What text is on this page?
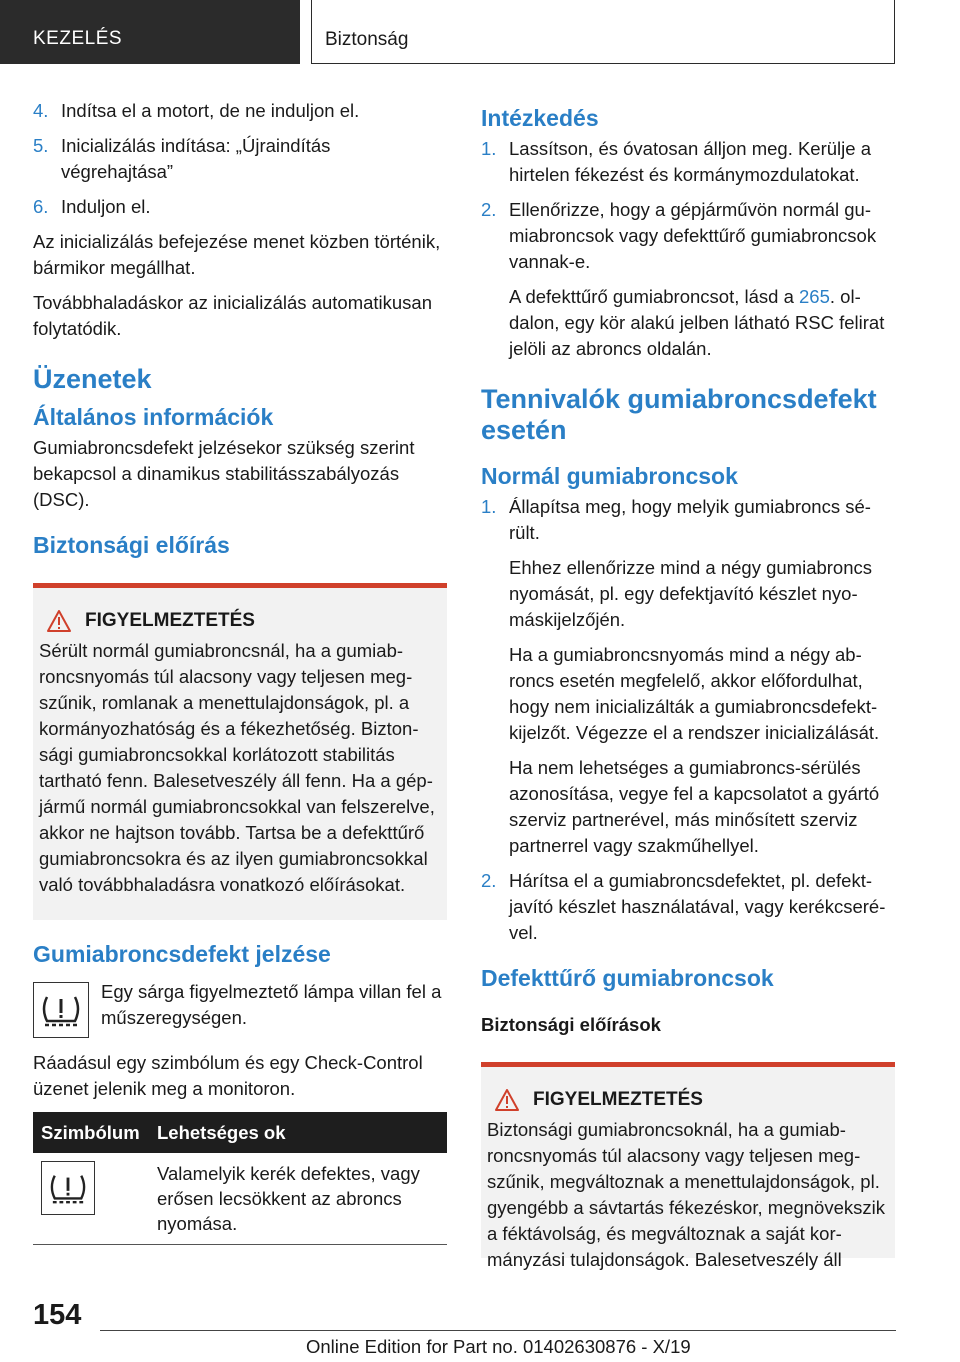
KEZELÉS	Biztonság
4. Indítsa el a motort, de ne induljon el.
5. Inicializálás indítása: „Újraindítás végrehajtása”
6. Induljon el.

Az inicializálás befejezése menet közben történik, bármikor megállhat.

Továbbhaladáskor az inicializálás automatikusan folytatódik.

Üzenetek
Általános információk

Gumiabroncsdefekt jelzésekor szükség szerint bekapcsol a dinamikus stabilitásszabályozás (DSC).

Biztonsági előírás
FIGYELMEZTETÉS
Sérült normál gumiabroncsnál, ha a gumiabroncsnyomás túl alacsony vagy teljesen megszűnik, romlanak a menettulajdonságok, pl. a kormányozhatóság és a fékezhetőség. Biztonsági gumiabroncsokkal korlátozott stabilitás tartható fenn. Balesetveszély áll fenn. Ha a gépjármű normál gumiabroncsokkal van felszerelve, akkor ne hajtson tovább. Tartsa be a defekttűrő gumiabroncsokra és az ilyen gumiabroncsokkal való továbbhaladásra vonatkozó előírásokat.
Gumiabroncsdefekt jelzése
Egy sárga figyelmeztető lámpa villan fel a műszeregységen.

Ráadásul egy szimbólum és egy Check-Control üzenet jelenik meg a monitoron.

Szimbólum	Lehetséges ok

	Valamelyik kerék defektes, vagy erősen lecsökkent az abroncs nyomása.
Intézkedés
1. Lassítson, és óvatosan álljon meg. Kerülje a hirtelen fékezést és kormánymozdulatokat.
2. Ellenőrizze, hogy a gépjárművön normál gumiabroncsok vagy defekttűrő gumiabroncsok vannak-e.
A defekttűrő gumiabroncsot, lásd a 265. oldalon, egy kör alakú jelben látható RSC felirat jelöli az abroncs oldalán.
Tennivalók gumiabroncsdefekt esetén
Normál gumiabroncsok
1. Állapítsa meg, hogy melyik gumiabroncs sérült.
Ehhez ellenőrizze mind a négy gumiabroncs nyomását, pl. egy defektjavító készlet nyomáskijelzőjén.
Ha a gumiabroncsnyomás mind a négy abroncs esetén megfelelő, akkor előfordulhat, hogy nem inicializálták a gumiabroncsdefektkijelzőt. Végezze el a rendszer inicializálását.
Ha nem lehetséges a gumiabroncs-sérülés azonosítása, vegye fel a kapcsolatot a gyártó szerviz partnerével, más minősített szerviz partnerrel vagy szakműhellyel.
2. Hárítsa el a gumiabroncsdefektet, pl. defektjavító készlet használatával, vagy kerékcserével.
Defekttűrő gumiabroncsok
Biztonsági előírások
FIGYELMEZTETÉS
Biztonsági gumiabroncsoknál, ha a gumiabroncsnyomás túl alacsony vagy teljesen megszűnik, megváltoznak a menettulajdonságok, pl. gyengébb a sávtartás fékezéskor, megnövekszik a féktávolság, és megváltoznak a saját kormányzási tulajdonságok. Balesetveszély áll
154
Online Edition for Part no. 01402630876 - X/19
